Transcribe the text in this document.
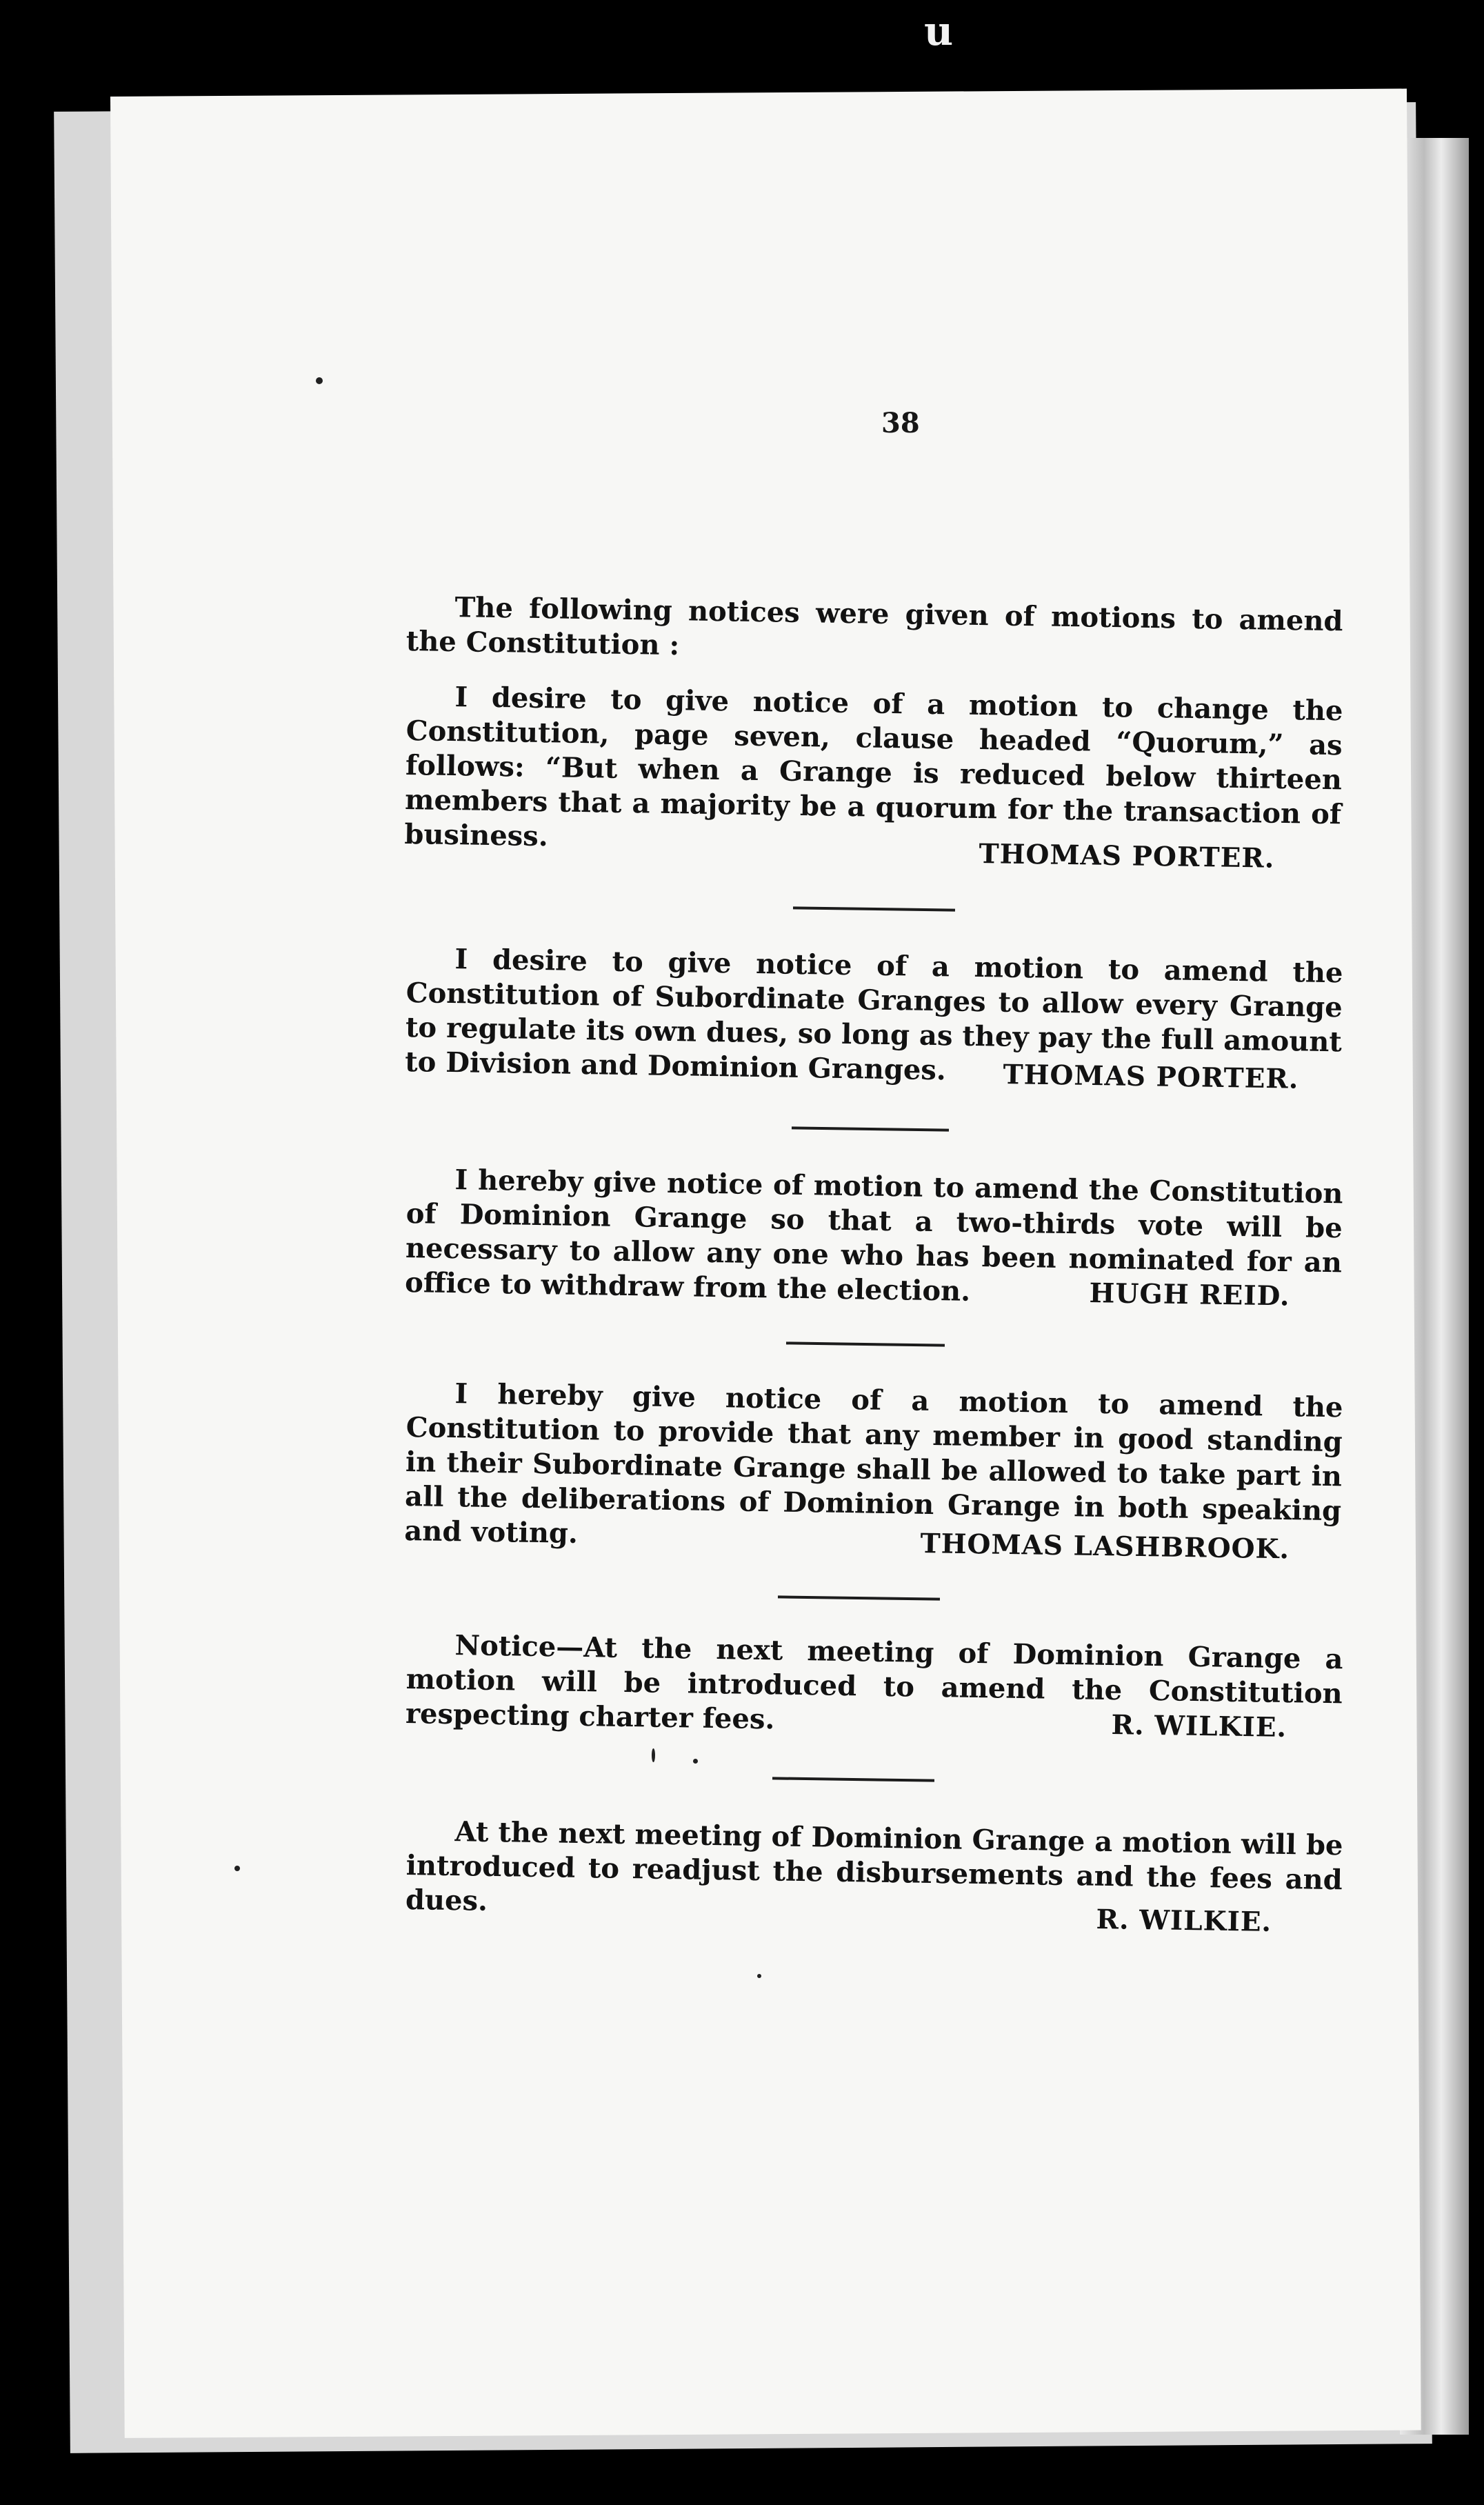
u
38

The following notices were given of motions to amend the Constitution :

I desire to give notice of a motion to change the Constitution, page seven, clause headed “Quorum,” as follows: “But when a Grange is reduced below thirteen members that a majority be a quorum for the transaction of business.

THOMAS PORTER.

I desire to give notice of a motion to amend the Constitution of Subordinate Granges to allow every Grange to regulate its own dues, so long as they pay the full amount to Division and Dominion Granges.	THOMAS PORTER.

I hereby give notice of motion to amend the Constitution of Dominion Grange so that a two-thirds vote will be necessary to allow any one who has been nominated for an office to withdraw from the election.	HUGH REID.

I hereby give notice of a motion to amend the Constitution to provide that any member in good standing in their Subordinate Grange shall be allowed to take part in all the deliberations of Dominion Grange in both speaking and voting.	THOMAS LASHBROOK.

Notice—At the next meeting of Dominion Grange a motion will be introduced to amend the Constitution respecting charter fees.	R. WILKIE.

At the next meeting of Dominion Grange a motion will be introduced to readjust the disbursements and the fees and dues.

R. WILKIE.
